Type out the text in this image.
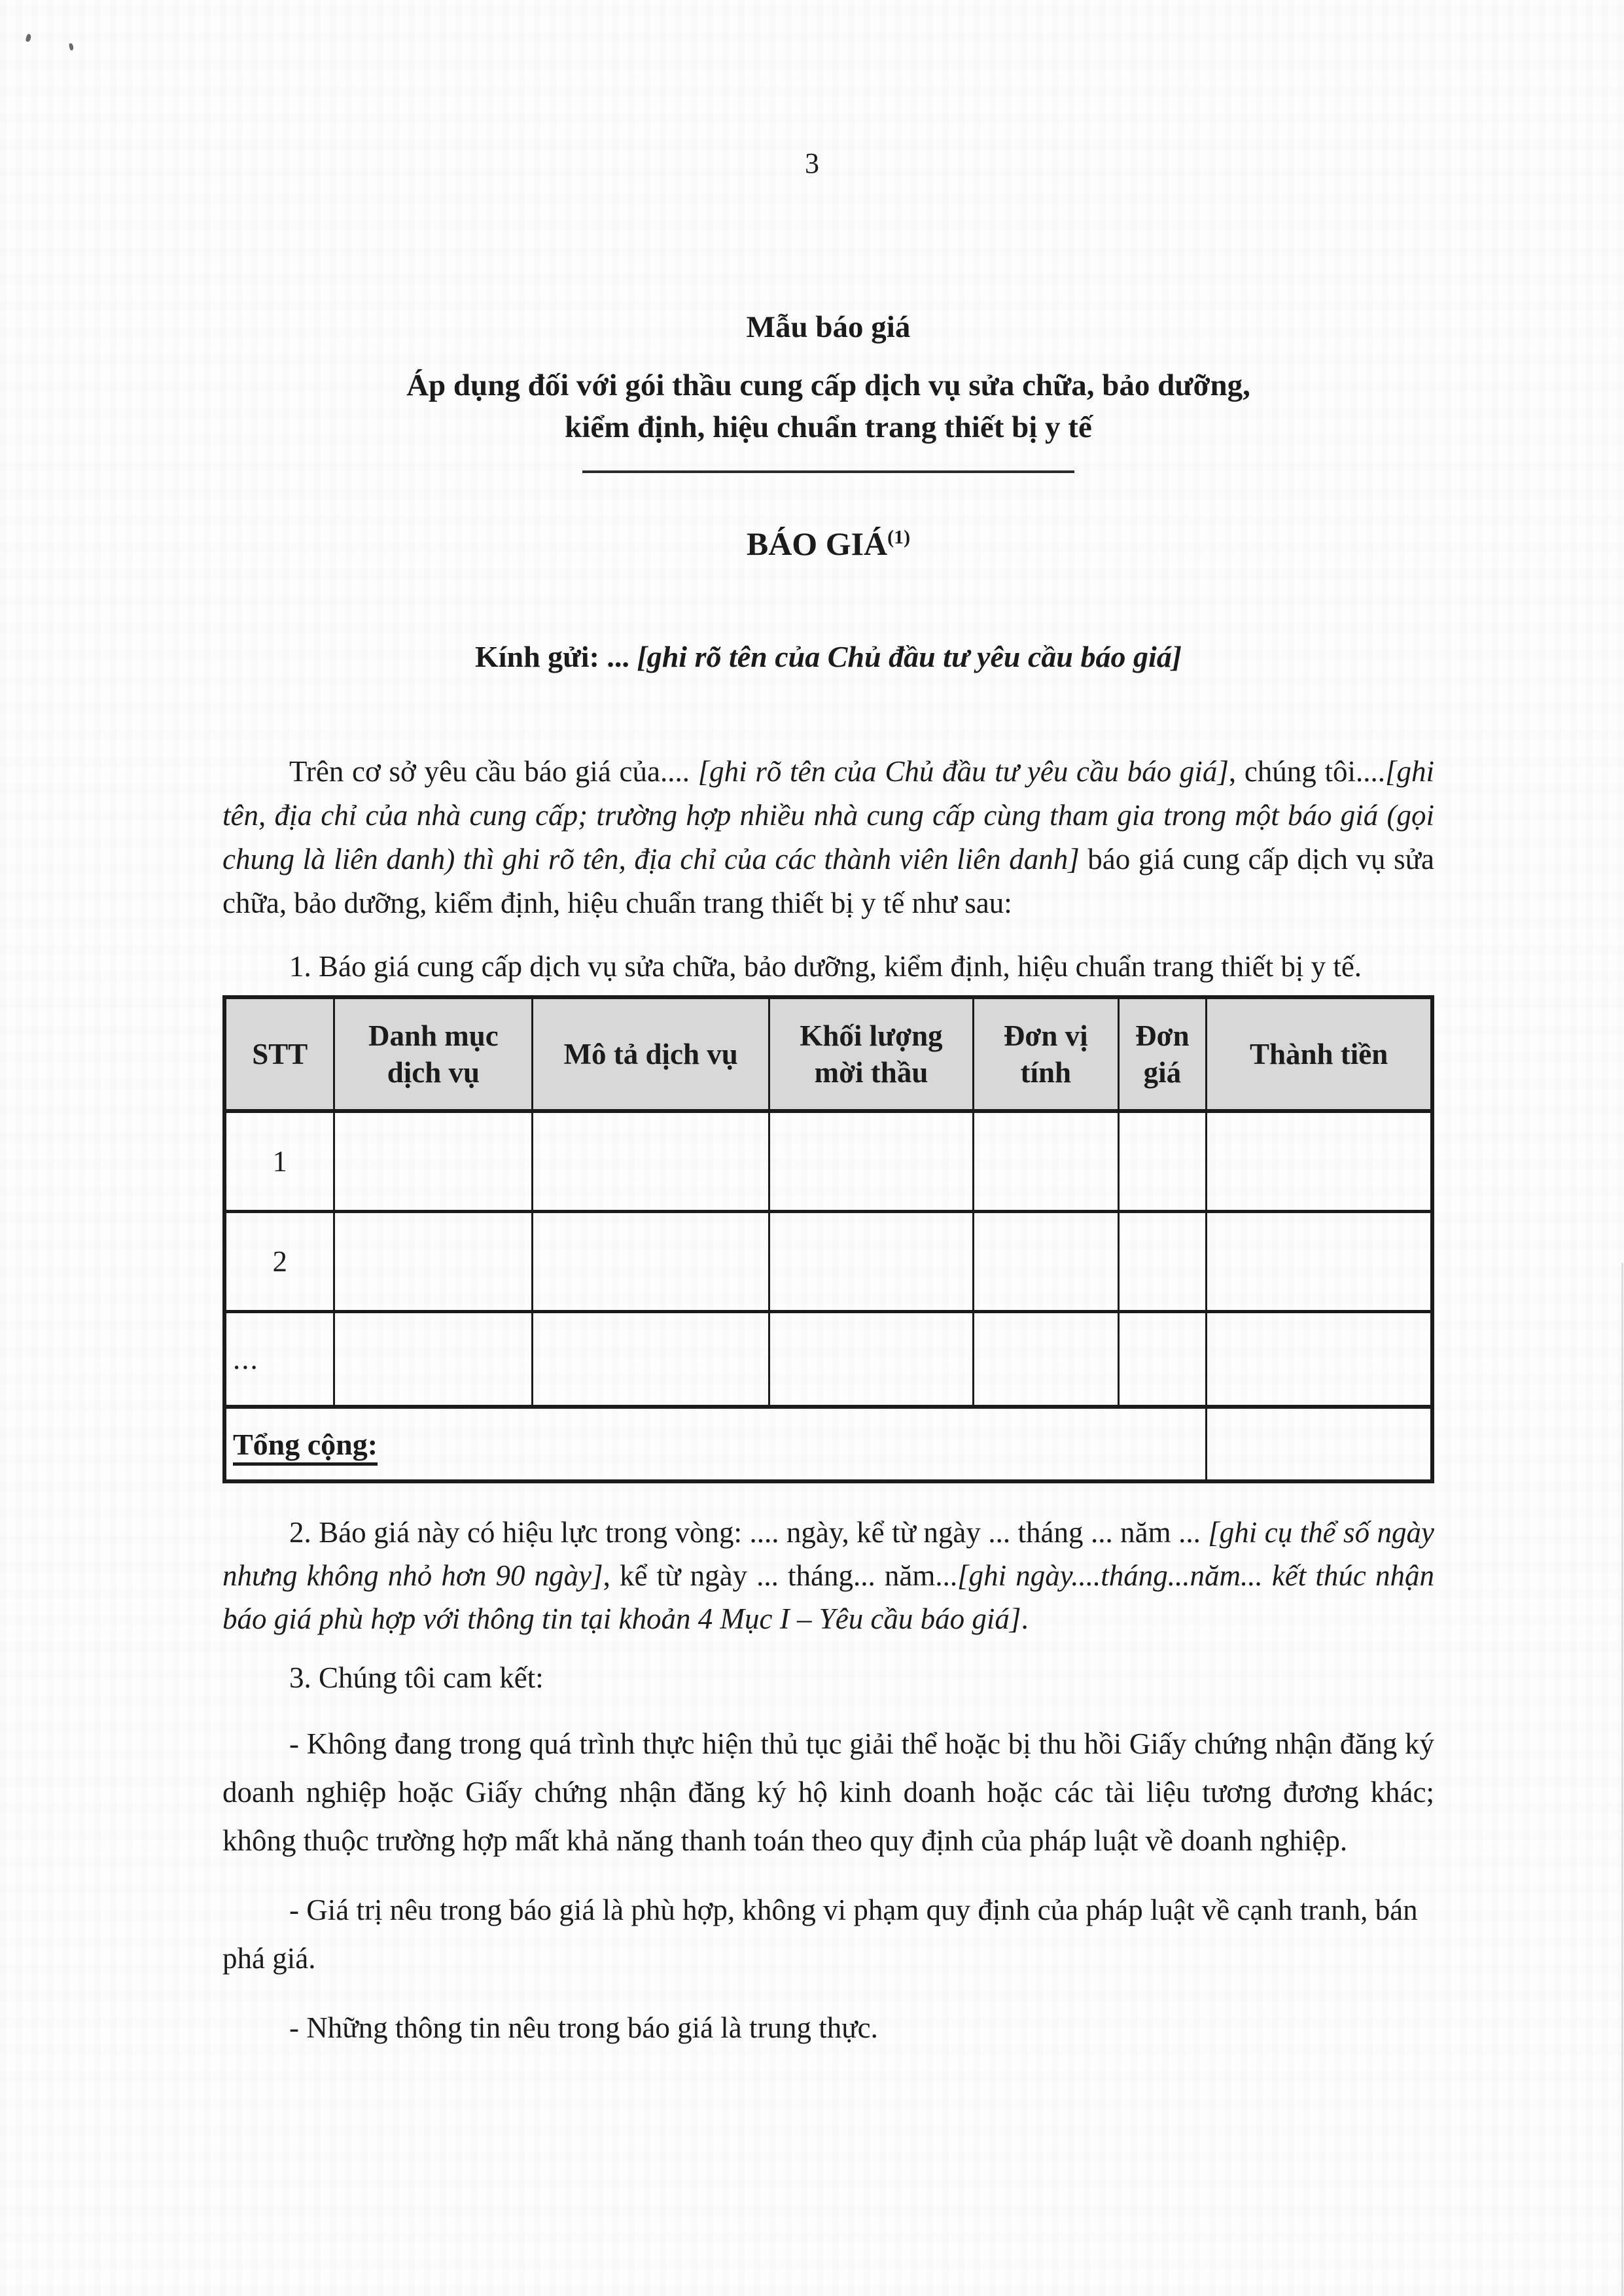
3
Mẫu báo giá
Áp dụng đối với gói thầu cung cấp dịch vụ sửa chữa, bảo dưỡng,
kiểm định, hiệu chuẩn trang thiết bị y tế
BÁO GIÁ$^{(1)}$
Kính gửi: ... [ghi rõ tên của Chủ đầu tư yêu cầu báo giá]

Trên cơ sở yêu cầu báo giá của.... [ghi rõ tên của Chủ đầu tư yêu cầu báo giá], chúng tôi....[ghi tên, địa chỉ của nhà cung cấp; trường hợp nhiều nhà cung cấp cùng tham gia trong một báo giá (gọi chung là liên danh) thì ghi rõ tên, địa chỉ của các thành viên liên danh] báo giá cung cấp dịch vụ sửa chữa, bảo dưỡng, kiểm định, hiệu chuẩn trang thiết bị y tế như sau:

1. Báo giá cung cấp dịch vụ sửa chữa, bảo dưỡng, kiểm định, hiệu chuẩn trang thiết bị y tế.

STT	Danh mục dịch vụ	Mô tả dịch vụ	Khối lượng mời thầu	Đơn vị tính	Đơn giá	Thành tiền
1						
2						
...						
Tổng cộng:						

2. Báo giá này có hiệu lực trong vòng: .... ngày, kể từ ngày ... tháng ... năm ... [ghi cụ thể số ngày nhưng không nhỏ hơn 90 ngày], kể từ ngày ... tháng... năm...[ghi ngày....tháng...năm... kết thúc nhận báo giá phù hợp với thông tin tại khoản 4 Mục I – Yêu cầu báo giá].

3. Chúng tôi cam kết:

- Không đang trong quá trình thực hiện thủ tục giải thể hoặc bị thu hồi Giấy chứng nhận đăng ký doanh nghiệp hoặc Giấy chứng nhận đăng ký hộ kinh doanh hoặc các tài liệu tương đương khác; không thuộc trường hợp mất khả năng thanh toán theo quy định của pháp luật về doanh nghiệp.

- Giá trị nêu trong báo giá là phù hợp, không vi phạm quy định của pháp luật về cạnh tranh, bán phá giá.

- Những thông tin nêu trong báo giá là trung thực.
